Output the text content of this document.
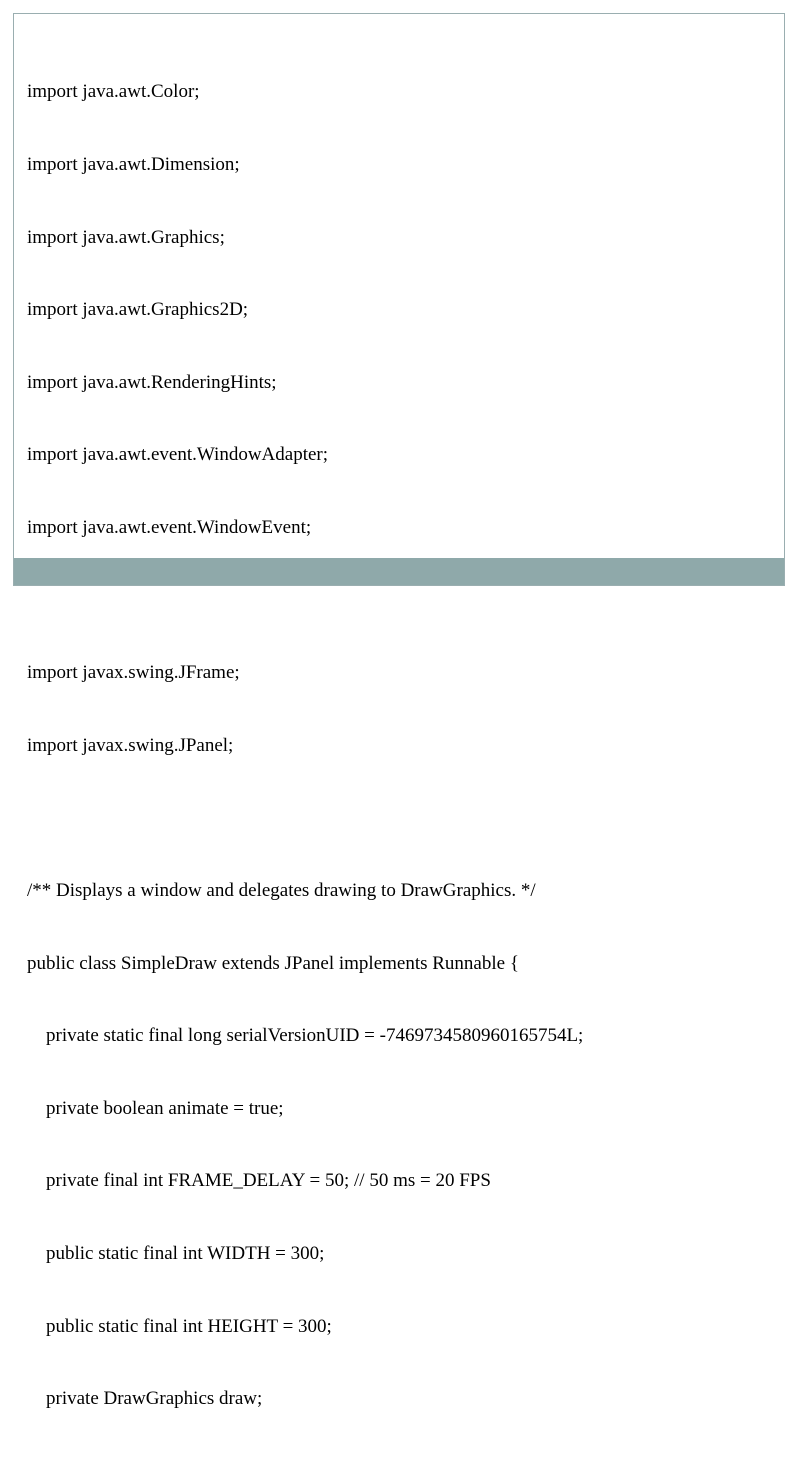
import java.awt.Color;

import java.awt.Dimension;

import java.awt.Graphics;

import java.awt.Graphics2D;

import java.awt.RenderingHints;

import java.awt.event.WindowAdapter;

import java.awt.event.WindowEvent;

import javax.swing.JFrame;

import javax.swing.JPanel;

/** Displays a window and delegates drawing to DrawGraphics. */

public class SimpleDraw extends JPanel implements Runnable {

private static final long serialVersionUID = -7469734580960165754L;

private boolean animate = true;

private final int FRAME_DELAY = 50; // 50 ms = 20 FPS

public static final int WIDTH = 300;

public static final int HEIGHT = 300;

private DrawGraphics draw;
